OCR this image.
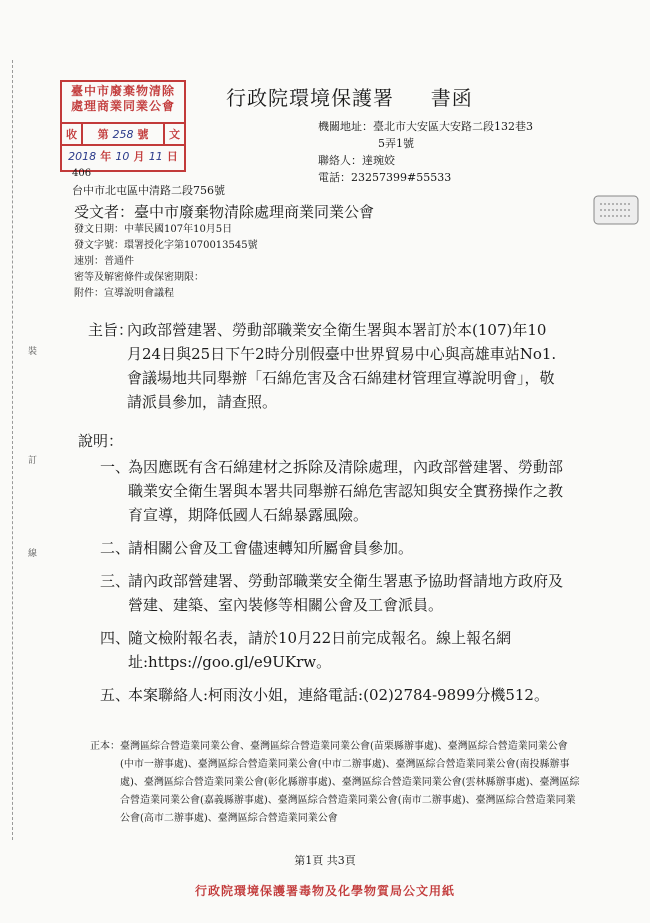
裝
訂
線
臺中市廢棄物清除
處理商業同業公會
收	第
258
號	文
2018 年 10 月 11 日
行政院環境保護署 書函
機關地址：臺北市大安區大安路二段132巷3
5弄1號
聯絡人：達琬姣
電話：23257399#55533
406
台中市北屯區中清路二段756號
受文者：臺中市廢棄物清除處理商業同業公會
發文日期：中華民國107年10月5日
發文字號：環署授化字第1070013545號
速別：普通件
密等及解密條件或保密期限：
附件：宣導說明會議程
主旨：
內政部營建署、勞動部職業安全衛生署與本署訂於本(107)年10月24日與25日下午2時分別假臺中世界貿易中心與高雄車站No1.會議場地共同舉辦「石綿危害及含石綿建材管理宣導說明會」，敬請派員參加，請查照。
說明：
一、
為因應既有含石綿建材之拆除及清除處理，內政部營建署、勞動部職業安全衛生署與本署共同舉辦石綿危害認知與安全實務操作之教育宣導，期降低國人石綿暴露風險。
二、
請相關公會及工會儘速轉知所屬會員參加。
三、
請內政部營建署、勞動部職業安全衛生署惠予協助督請地方政府及營建、建築、室內裝修等相關公會及工會派員。
四、
隨文檢附報名表，請於10月22日前完成報名。線上報名網址:https://goo.gl/e9UKrw。
五、
本案聯絡人:柯雨汝小姐，連絡電話:(02)2784-9899分機512。
正本： 臺灣區綜合營造業同業公會、臺灣區綜合營造業同業公會(苗栗縣辦事處)、臺灣區綜合營造業同業公會(中市一辦事處)、臺灣區綜合營造業同業公會(中市二辦事處)、臺灣區綜合營造業同業公會(南投縣辦事處)、臺灣區綜合營造業同業公會(彰化縣辦事處)、臺灣區綜合營造業同業公會(雲林縣辦事處)、臺灣區綜合營造業同業公會(嘉義縣辦事處)、臺灣區綜合營造業同業公會(南市二辦事處)、臺灣區綜合營造業同業公會(高市二辦事處)、臺灣區綜合營造業同業公會
第1頁 共3頁
行政院環境保護署毒物及化學物質局公文用紙
